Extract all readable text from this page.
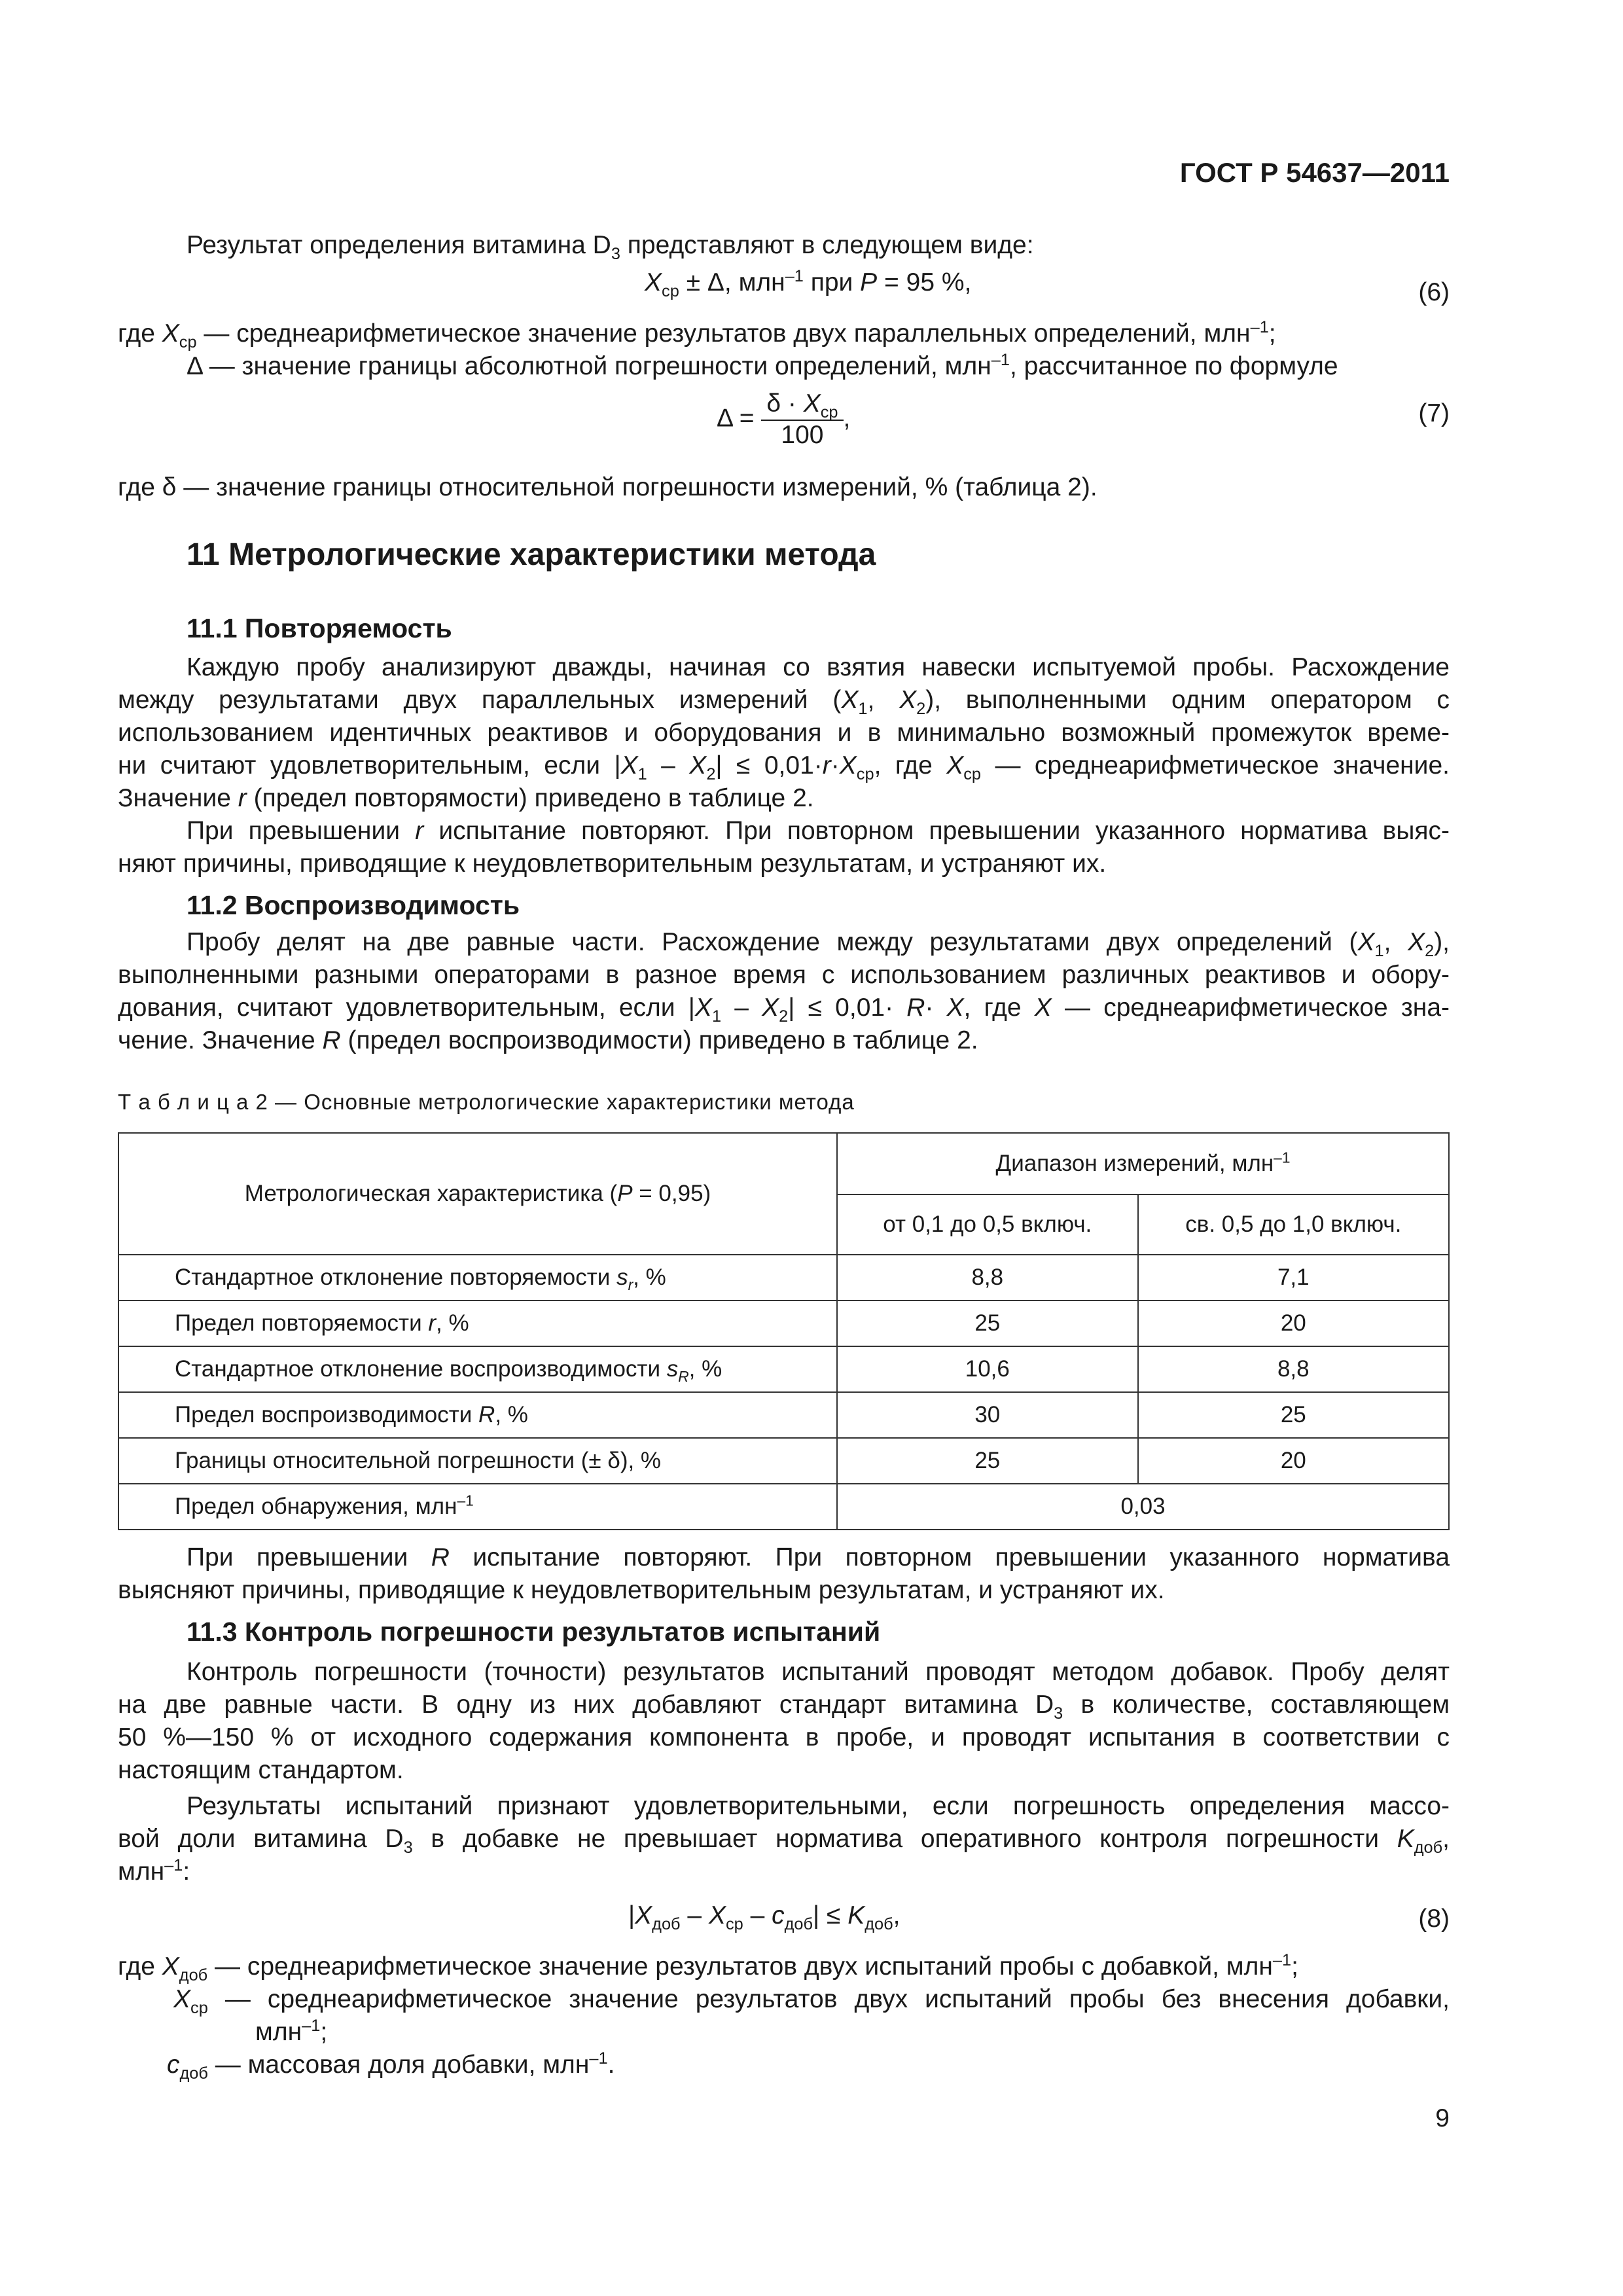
ГОСТ Р 54637—2011
Результат определения витамина $D_3$ представляют в следующем виде:
$X_{ср} \pm \Delta$, млн$^{-1}$ при P = 95 %,	(6)
где $X_{ср}$ — среднеарифметическое значение результатов двух параллельных определений, млн$^{-1}$;
Δ — значение границы абсолютной погрешности определений, млн$^{-1}$, рассчитанное по формуле
$\Delta = \frac{\delta \cdot X_{ср}}{100}$ ,	(7)
где δ — значение границы относительной погрешности измерений, % (таблица 2).
11 Метрологические характеристики метода
11.1 Повторяемость
Каждую пробу анализируют дважды, начиная со взятия навески испытуемой пробы. Расхождение
между результатами двух параллельных измерений ($X_1$, $X_2$), выполненными одним оператором с
использованием идентичных реактивов и оборудования и в минимально возможный промежуток време-
ни считают удовлетворительным, если $|X_1 - X_2| \le 0,01\cdot r\cdot X_{ср}$, где $X_{ср}$ — среднеарифметическое значение.
Значение r (предел повторямости) приведено в таблице 2.
При превышении r испытание повторяют. При повторном превышении указанного норматива выяс-
няют причины, приводящие к неудовлетворительным результатам, и устраняют их.
11.2 Воспроизводимость
Пробу делят на две равные части. Расхождение между результатами двух определений ($X_1$, $X_2$),
выполненными разными операторами в разное время с использованием различных реактивов и обору-
дования, считают удовлетворительным, если $|X_1 - X_2| \le 0,01\cdot R\cdot X$, где X — среднеарифметическое зна-
чение. Значение R (предел воспроизводимости) приведено в таблице 2.
Т а б л и ц а 2 — Основные метрологические характеристики метода
Метрологическая характеристика (P = 0,95)	Диапазон измерений, млн$^{-1}$
	от 0,1 до 0,5 включ.	св. 0,5 до 1,0 включ.
Стандартное отклонение повторяемости $s_r$, %	8,8	7,1
Предел повторяемости r, %	25	20
Стандартное отклонение воспроизводимости $s_R$, %	10,6	8,8
Предел воспроизводимости R, %	30	25
Границы относительной погрешности (± δ), %	25	20
Предел обнаружения, млн$^{-1}$	0,03	
При превышении R испытание повторяют. При повторном превышении указанного норматива
выясняют причины, приводящие к неудовлетворительным результатам, и устраняют их.
11.3 Контроль погрешности результатов испытаний
Контроль погрешности (точности) результатов испытаний проводят методом добавок. Пробу делят
на две равные части. В одну из них добавляют стандарт витамина $D_3$ в количестве, составляющем
50 %—150 % от исходного содержания компонента в пробе, и проводят испытания в соответствии с
настоящим стандартом.
Результаты испытаний признают удовлетворительными, если погрешность определения массо-
вой доли витамина $D_3$ в добавке не превышает норматива оперативного контроля погрешности $K_{доб}$,
млн$^{-1}$:
$|X_{доб} - X_{ср} - c_{доб}| \le K_{доб}$,	(8)
где $X_{доб}$ — среднеарифметическое значение результатов двух испытаний пробы с добавкой, млн$^{-1}$;
$X_{ср}$ — среднеарифметическое значение результатов двух испытаний пробы без внесения добавки,
млн$^{-1}$;
$c_{доб}$ — массовая доля добавки, млн$^{-1}$.
9
